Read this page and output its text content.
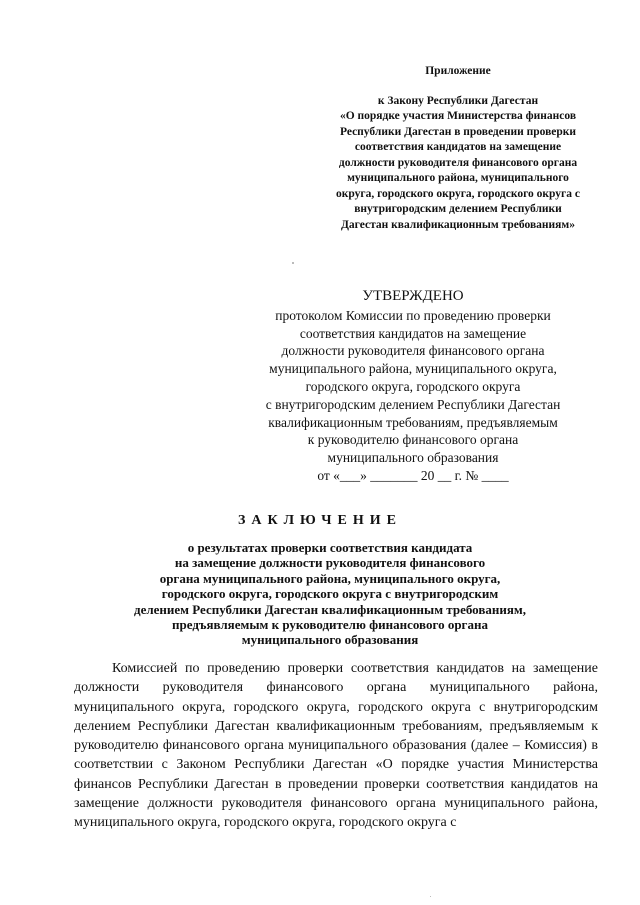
Приложение
к Закону Республики Дагестан
«О порядке участия Министерства финансов
Республики Дагестан в проведении проверки
соответствия кандидатов на замещение
должности руководителя финансового органа
муниципального района, муниципального
округа, городского округа, городского округа с
внутригородским делением Республики
Дагестан квалификационным требованиям»
УТВЕРЖДЕНО
протоколом Комиссии по проведению проверки
соответствия кандидатов на замещение
должности руководителя финансового органа
муниципального района, муниципального округа,
городского округа, городского округа
с внутригородским делением Республики Дагестан
квалификационным требованиям, предъявляемым
к руководителю финансового органа
муниципального образования
от «___» _______ 20 __ г. № ____
ЗАКЛЮЧЕНИЕ
о результатах проверки соответствия кандидата
на замещение должности руководителя финансового
органа муниципального района, муниципального округа,
городского округа, городского округа с внутригородским
делением Республики Дагестан квалификационным требованиям,
предъявляемым к руководителю финансового органа
муниципального образования
Комиссией по проведению проверки соответствия кандидатов на замещение должности руководителя финансового органа муниципального района, муниципального округа, городского округа, городского округа с внутригородским делением Республики Дагестан квалификационным требованиям, предъявляемым к руководителю финансового органа муниципального образования (далее – Комиссия) в соответствии с Законом Республики Дагестан «О порядке участия Министерства финансов Республики Дагестан в проведении проверки соответствия кандидатов на замещение должности руководителя финансового органа муниципального района, муниципального округа, городского округа, городского округа с
